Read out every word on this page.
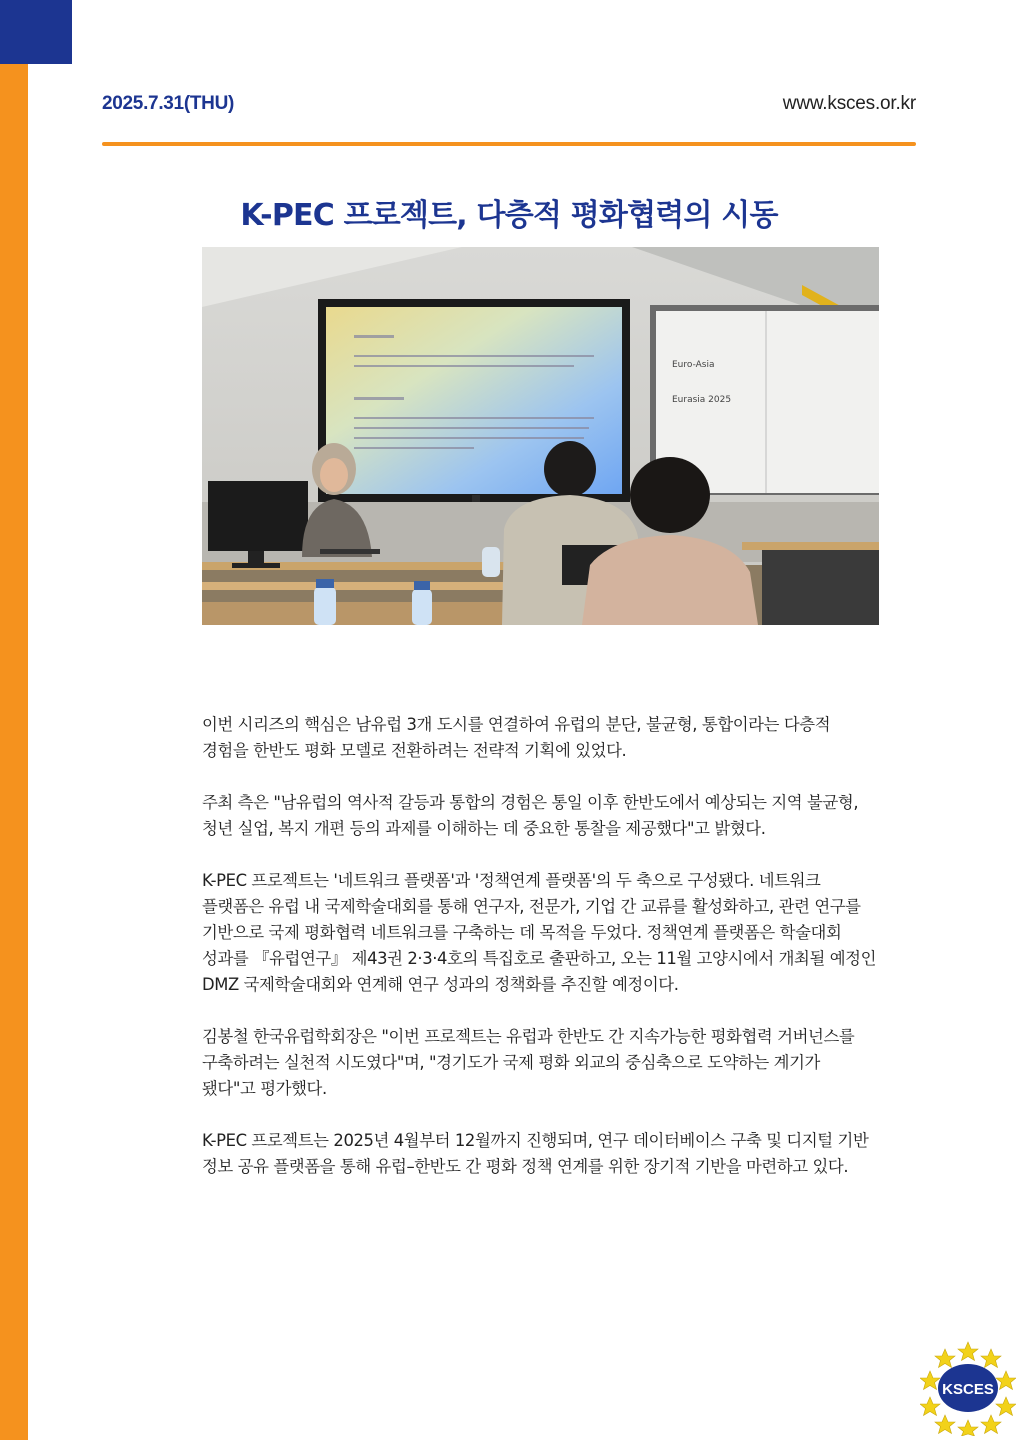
2025.7.31(THU)	www.ksces.or.kr
K-PEC 프로젝트, 다층적 평화협력의 시동
Euro-Asia
Eurasia 2025

이번 시리즈의 핵심은 남유럽 3개 도시를 연결하여 유럽의 분단, 불균형, 통합이라는 다층적 경험을 한반도 평화 모델로 전환하려는 전략적 기획에 있었다.

주최 측은 "남유럽의 역사적 갈등과 통합의 경험은 통일 이후 한반도에서 예상되는 지역 불균형, 청년 실업, 복지 개편 등의 과제를 이해하는 데 중요한 통찰을 제공했다"고 밝혔다.

K-PEC 프로젝트는 '네트워크 플랫폼'과 '정책연계 플랫폼'의 두 축으로 구성됐다. 네트워크 플랫폼은 유럽 내 국제학술대회를 통해 연구자, 전문가, 기업 간 교류를 활성화하고, 관련 연구를 기반으로 국제 평화협력 네트워크를 구축하는 데 목적을 두었다. 정책연계 플랫폼은 학술대회 성과를 『유럽연구』 제43권 2·3·4호의 특집호로 출판하고, 오는 11월 고양시에서 개최될 예정인 DMZ 국제학술대회와 연계해 연구 성과의 정책화를 추진할 예정이다.

김봉철 한국유럽학회장은 "이번 프로젝트는 유럽과 한반도 간 지속가능한 평화협력 거버넌스를 구축하려는 실천적 시도였다"며, "경기도가 국제 평화 외교의 중심축으로 도약하는 계기가 됐다"고 평가했다.

K-PEC 프로젝트는 2025년 4월부터 12월까지 진행되며, 연구 데이터베이스 구축 및 디지털 기반 정보 공유 플랫폼을 통해 유럽–한반도 간 평화 정책 연계를 위한 장기적 기반을 마련하고 있다.

KSCES
